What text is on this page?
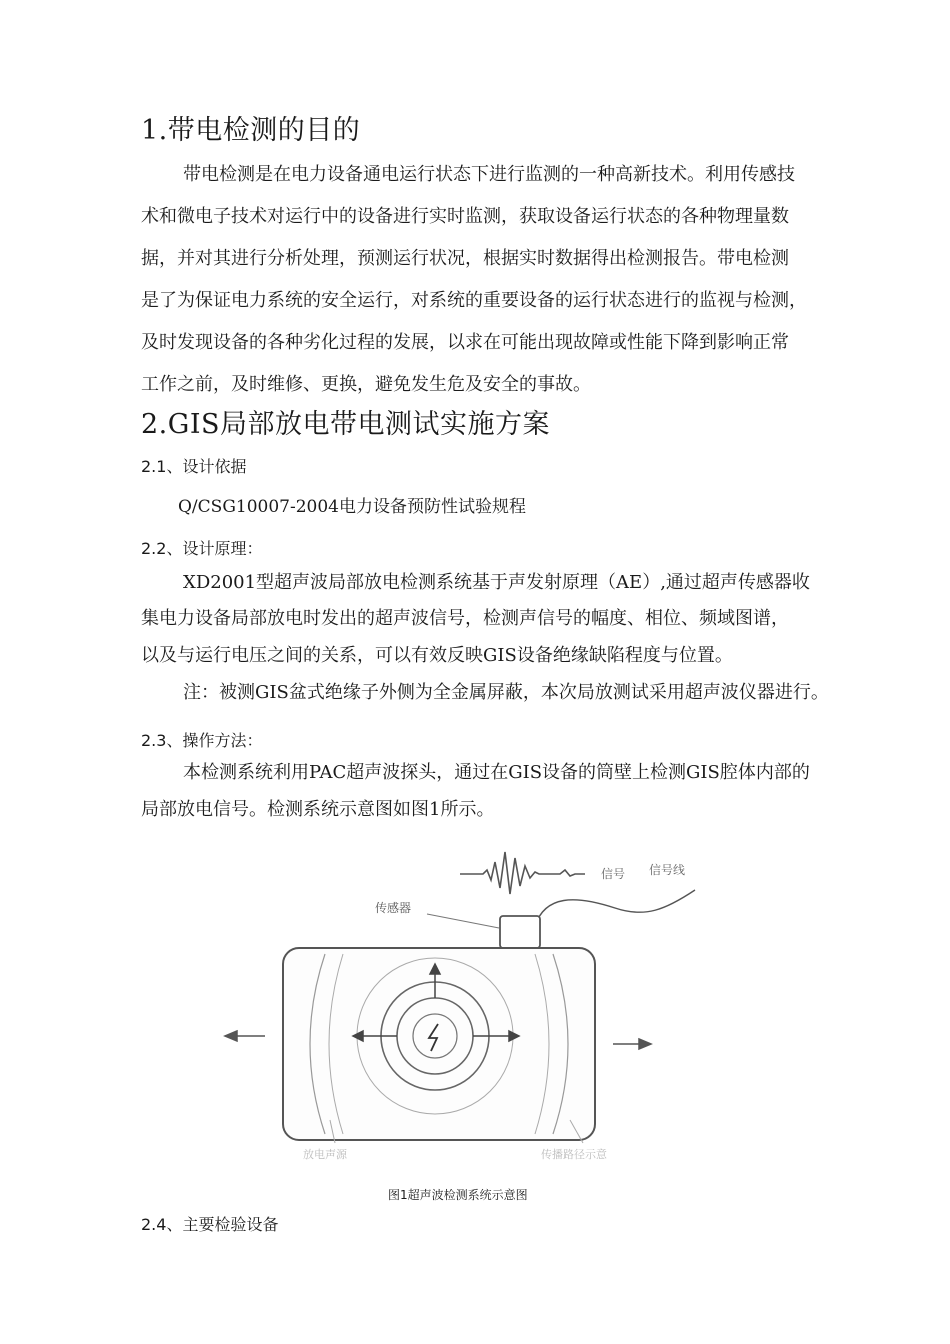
1.带电检测的目的
带电检测是在电力设备通电运行状态下进行监测的一种高新技术。利用传感技
术和微电子技术对运行中的设备进行实时监测，获取设备运行状态的各种物理量数
据，并对其进行分析处理，预测运行状况，根据实时数据得出检测报告。带电检测
是了为保证电力系统的安全运行，对系统的重要设备的运行状态进行的监视与检测，
及时发现设备的各种劣化过程的发展，以求在可能出现故障或性能下降到影响正常
工作之前，及时维修、更换，避免发生危及安全的事故。
2.GIS局部放电带电测试实施方案
2.1、设计依据
Q/CSG10007-2004电力设备预防性试验规程
2.2、设计原理：
XD2001型超声波局部放电检测系统基于声发射原理（AE）,通过超声传感器收
集电力设备局部放电时发出的超声波信号，检测声信号的幅度、相位、频域图谱，
以及与运行电压之间的关系，可以有效反映GIS设备绝缘缺陷程度与位置。
注：被测GIS盆式绝缘子外侧为全金属屏蔽，本次局放测试采用超声波仪器进行。
2.3、操作方法：
本检测系统利用PAC超声波探头，通过在GIS设备的筒壁上检测GIS腔体内部的
局部放电信号。检测系统示意图如图1所示。
信号 信号线
传感器
放电声源	传播路径示意
图1超声波检测系统示意图
2.4、主要检验设备
